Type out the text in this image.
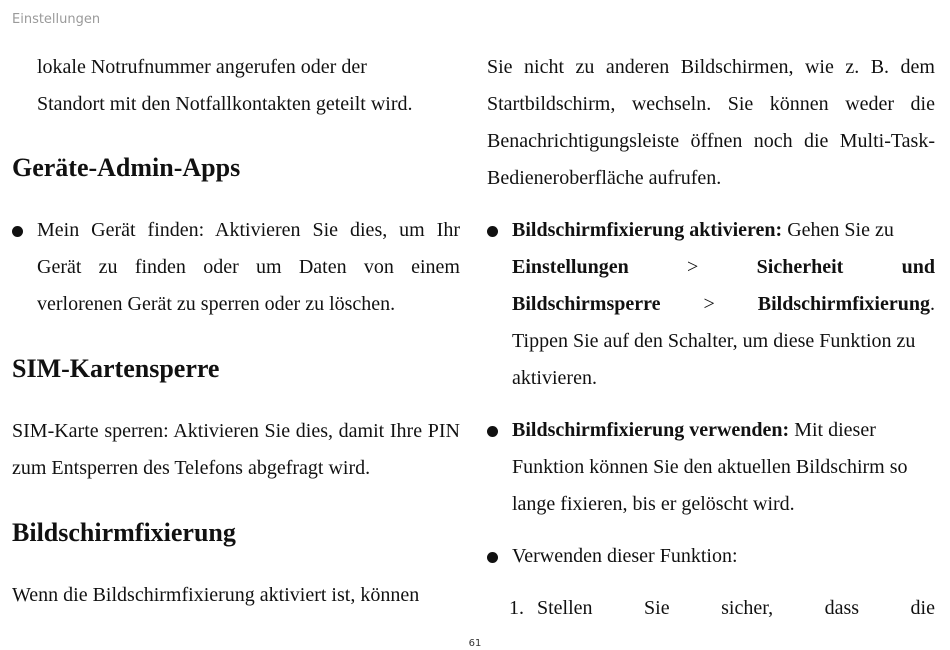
Einstellungen

lokale Notrufnummer angerufen oder der

Standort mit den Notfallkontakten geteilt wird.

Geräte-Admin-Apps

Mein Gerät finden: Aktivieren Sie dies, um Ihr Gerät zu finden oder um Daten von einem verlorenen Gerät zu sperren oder zu löschen.

SIM-Kartensperre

SIM-Karte sperren: Aktivieren Sie dies, damit Ihre PIN zum Entsperren des Telefons abgefragt wird.

Bildschirmfixierung

Wenn die Bildschirmfixierung aktiviert ist, können

Sie nicht zu anderen Bildschirmen, wie z. B. dem Startbildschirm, wechseln. Sie können weder die Benachrichtigungsleiste öffnen noch die Multi-Task-Bedieneroberfläche aufrufen.

Bildschirmfixierung aktivieren: Gehen Sie zu

Einstellungen	>	Sicherheit	und

Bildschirmsperre > Bildschirmfixierung.

Tippen Sie auf den Schalter, um diese Funktion zu aktivieren.

Bildschirmfixierung verwenden: Mit dieser Funktion können Sie den aktuellen Bildschirm so lange fixieren, bis er gelöscht wird.

Verwenden dieser Funktion:

1. Stellen	Sie	sicher,	dass	die

61
